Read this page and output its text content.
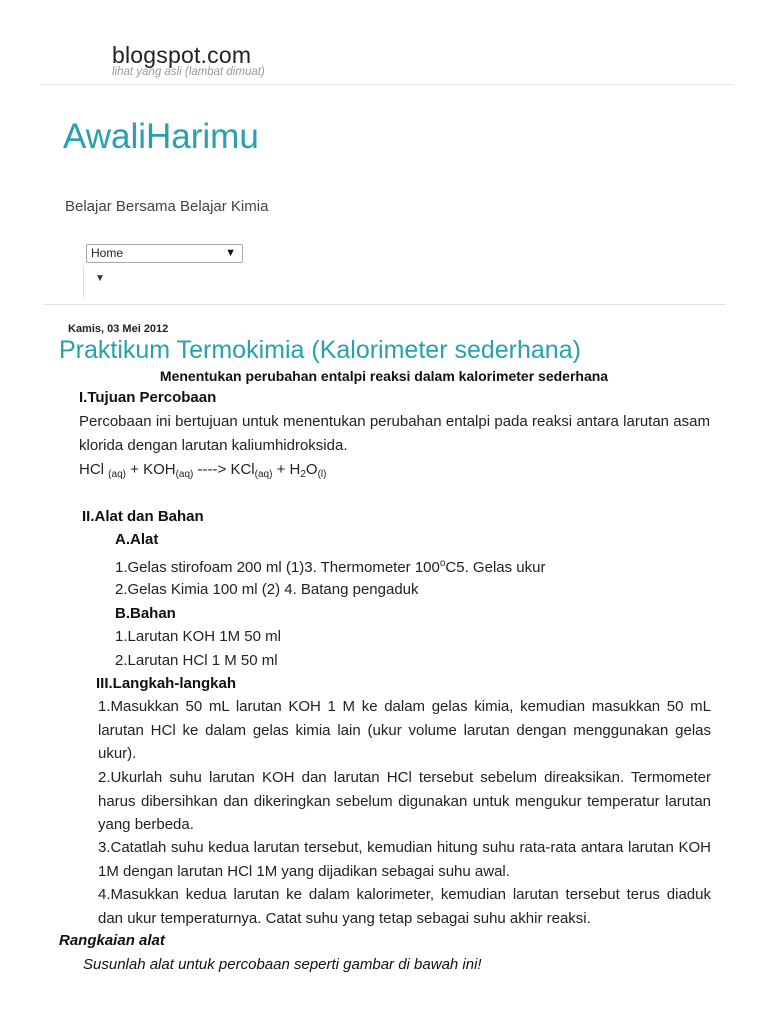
blogspot.com
lihat yang asli (lambat dimuat)
AwaliHarimu
Belajar Bersama Belajar Kimia
Home	▼
▼
Kamis, 03 Mei 2012
Praktikum Termokimia (Kalorimeter sederhana)
Menentukan perubahan entalpi reaksi dalam kalorimeter sederhana
I.Tujuan Percobaan
Percobaan ini bertujuan untuk menentukan perubahan entalpi pada reaksi antara larutan asam klorida dengan larutan kaliumhidroksida.
HCl $_{(aq)} + KOH_{(aq)}$ ----> $KCl_{(aq)} + H_2O_{(l)}$
II.Alat dan Bahan
A.Alat
1.Gelas stirofoam 200 ml (1)3. Thermometer 100$^o$C5. Gelas ukur
2.Gelas Kimia 100 ml (2) 4. Batang pengaduk
B.Bahan
1.Larutan KOH 1M 50 ml
2.Larutan HCl 1 M 50 ml
III.Langkah-langkah
1.Masukkan 50 mL larutan KOH 1 M ke dalam gelas kimia, kemudian masukkan 50 mL larutan HCl ke dalam gelas kimia lain (ukur volume larutan dengan menggunakan gelas ukur).
2.Ukurlah suhu larutan KOH dan larutan HCl tersebut sebelum direaksikan. Termometer harus dibersihkan dan dikeringkan sebelum digunakan untuk mengukur temperatur larutan yang berbeda.
3.Catatlah suhu kedua larutan tersebut, kemudian hitung suhu rata-rata antara larutan KOH 1M dengan larutan HCl 1M yang dijadikan sebagai suhu awal.
4.Masukkan kedua larutan ke dalam kalorimeter, kemudian larutan tersebut terus diaduk dan ukur temperaturnya. Catat suhu yang tetap sebagai suhu akhir reaksi.
Rangkaian alat
Susunlah alat untuk percobaan seperti gambar di bawah ini!
